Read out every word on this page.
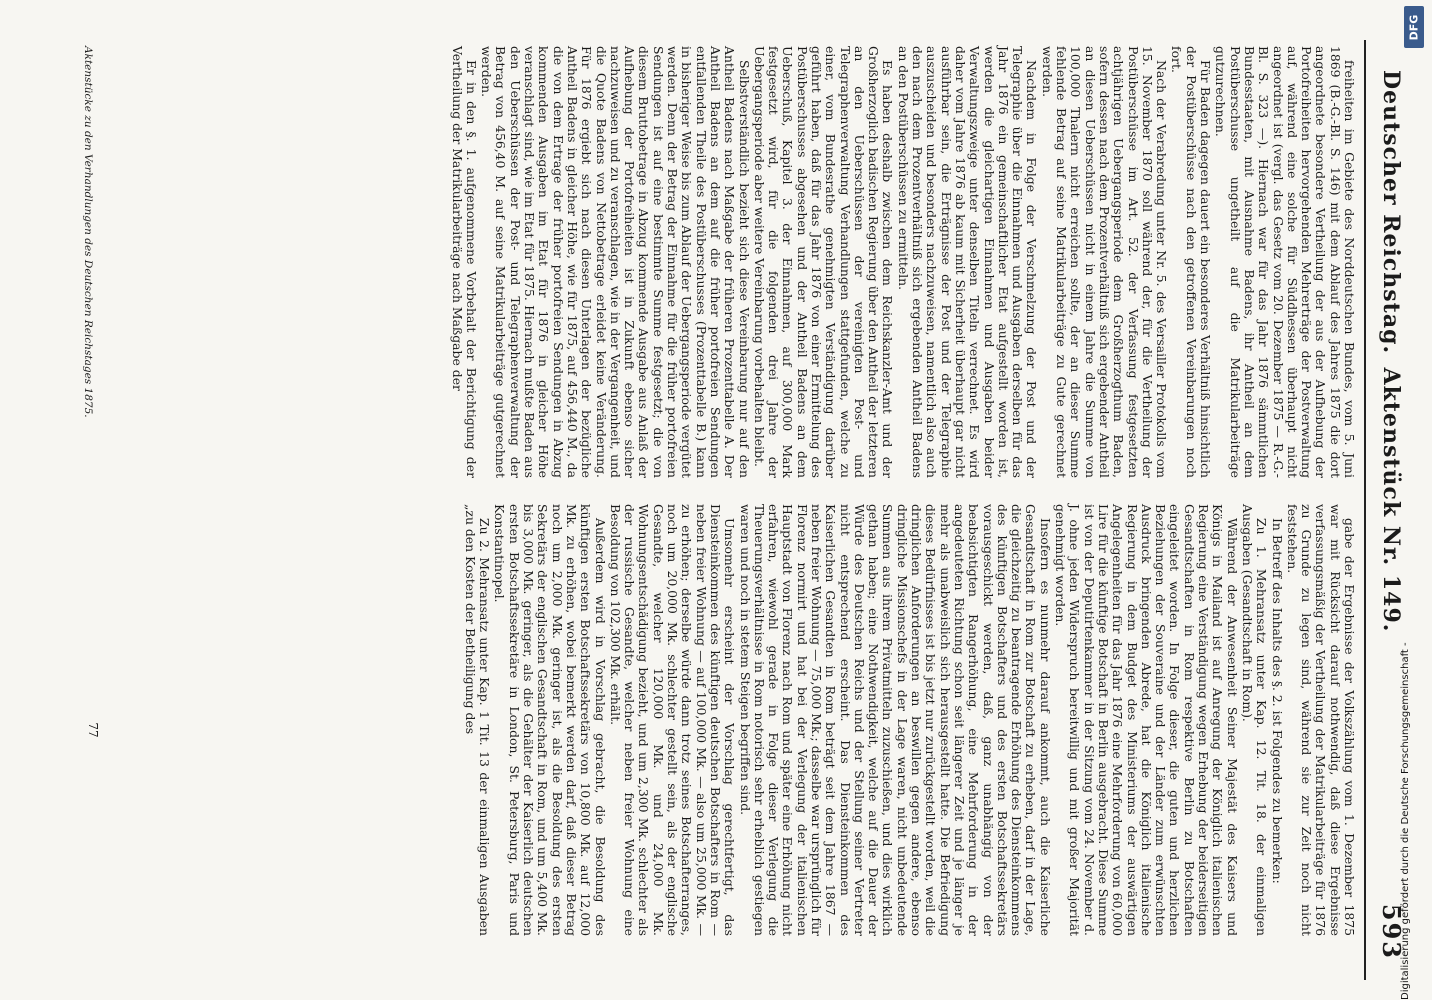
Deutscher Reichstag.
Aktenstück Nr. 149.
593

freiheiten im Gebiete des Norddeutschen Bundes, vom 5. Juni 1869 (B.-G.-Bl. S. 146) mit dem Ablauf des Jahres 1875 die dort angeordnete besondere Vertheilung der aus der Aufhebung der Portofreiheiten hervorgehenden Mehrerträge der Postverwaltung auf, während eine solche für Süddhessen überhaupt nicht angeordnet ist (vergl. das Gesetz vom 20. Dezember 1875 — R.-G.-Bl. S. 323 —). Hiernach war für das Jahr 1876 sämmtlichen Bundesstaaten, mit Ausnahme Badens, ihr Antheil an dem Postüberschusse ungetheilt auf die Matrikularbeiträge gutzurechnen.

Für Baden dagegen dauert ein besonderes Verhältniß hinsichtlich der Postüberschüsse nach den getroffenen Vereinbarungen noch fort.

Nach der Verabredung unter Nr. 5. des Versailler Protokolls vom 15. November 1870 soll während der, für die Vertheilung der Postüberschüsse im Art. 52. der Verfassung festgesetzten achtjährigen Uebergangsperiode dem Großherzogthum Baden, sofern dessen nach dem Prozentverhältniß sich ergebender Antheil an diesen Ueberschüssen nicht in einem Jahre die Summe von 100,000 Thalern nicht erreichen sollte, der an dieser Summe fehlende Betrag auf seine Matrikularbeiträge zu Gute gerechnet werden.

Nachdem in Folge der Verschmelzung der Post und der Telegraphie über die Einnahmen und Ausgaben derselben für das Jahr 1876 ein gemeinschaftlicher Etat aufgestellt worden ist, werden die gleichartigen Einnahmen und Ausgaben beider Verwaltungszweige unter denselben Titeln verrechnet. Es wird daher vom Jahre 1876 ab kaum mit Sicherheit überhaupt gar nicht ausführbar sein, die Erträgnisse der Post und der Telegraphie auszuscheiden und besonders nachzuweisen, namentlich also auch den nach dem Prozentverhältniß sich ergebenden Antheil Badens an den Postüberschüssen zu ermitteln.

Es haben deshalb zwischen dem Reichskanzler-Amt und der Großherzoglich badischen Regierung über den Antheil der letzteren an den Ueberschüssen der vereinigten Post- und Telegraphenverwaltung Verhandlungen stattgefunden, welche zu einer, vom Bundesrathe genehmigten Verständigung darüber geführt haben, daß für das Jahr 1876 von einer Ermittelung des Postüberschusses abgesehen und der Antheil Badens an dem Ueberschuß, Kapitel 3. der Einnahmen, auf 300,000 Mark festgesetzt wird, für die folgenden drei Jahre der Uebergangsperiode aber weitere Vereinbarung vorbehalten bleibt.

Selbstverständlich bezieht sich diese Vereinbarung nur auf den Antheil Badens nach Maßgabe der früheren Prozenttabelle A. Der Antheil Badens an dem auf die früher portofreien Sendungen entfallenden Theile des Postüberschusses (Prozenttabelle B.) kann in bisheriger Weise bis zum Ablauf der Uebergangsperiode vergütet werden. Denn der Betrag der Einnahme für die früher portofreien Sendungen ist auf eine bestimmte Summe festgesetzt; die von diesem Bruttobetrage in Abzug kommende Ausgabe aus Anlaß der Aufhebung der Portofreiheiten ist in Zukunft ebenso sicher nachzuweisen und zu veranschlagen, wie in der Vergangenheit, und die Quote Badens von Nettobetrage erleidet keine Veränderung. Für 1876 ergiebt sich nach diesen Unterlagen der bezügliche Antheil Badens in gleicher Höhe, wie für 1875, auf 456,440 M., da die von dem Ertrage der früher portofreien Sendungen in Abzug kommenden Ausgaben im Etat für 1876 in gleicher Höhe veranschlagt sind, wie im Etat für 1875. Hiernach mußte Baden aus den Ueberschüssen der Post- und Telegraphenverwaltung der Betrag von 456,40 M. auf seine Matrikularbeiträge gutgerechnet werden.

Er in den §. 1. aufgenommene Vorbehalt der Berichtigung der Vertheilung der Matrikularbeiträge nach Maßgabe der

gabe der Ergebnisse der Volkszählung vom 1. Dezember 1875 war mit Rücksicht darauf nothwendig, daß diese Ergebnisse verfassungsmäßig der Vertheilung der Matrikularbeiträge für 1876 zu Grunde zu legen sind, während sie zur Zeit noch nicht feststehen.

In Betreff des Inhalts des §. 2. ist Folgendes zu bemerken:

Zu 1. Mehransatz unter Kap. 12. Tit. 18. der einmaligen Ausgaben (Gesandtschaft in Rom).

Während der Anwesenheit Seiner Majestät des Kaisers und Königs in Mailand ist auf Anregung der Königlich italienischen Regierung eine Verständigung wegen Erhebung der beiderseitigen Gesandtschaften in Rom respektive Berlin zu Botschaften eingeleitet worden. In Folge dieser, die guten und herzlichen Beziehungen der Souveraine und der Länder zum erwünschten Ausdruck bringenden Abrede, hat die Königlich italienische Regierung in dem Budget des Ministeriums der auswärtigen Angelegenheiten für das Jahr 1876 eine Mehrforderung von 60,000 Lire für die künftige Botschaft in Berlin ausgebracht. Diese Summe ist von der Deputirtenkammer in der Sitzung vom 24. November d. J. ohne jeden Widerspruch bereitwillig und mit großer Majorität genehmigt worden.

Insofern es nunmehr darauf ankommt, auch die Kaiserliche Gesandtschaft in Rom zur Botschaft zu erheben, darf in der Lage, die gleichzeitig zu beantragende Erhöhung des Diensteinkommens des künftigen Botschafters und des ersten Botschaftssekretärs vorausgeschickt werden, daß, ganz unabhängig von der beabsichtigten Rangerhöhung, eine Mehrforderung in der angedeuteten Richtung schon seit längerer Zeit und je länger je mehr als unabweislich sich herausgestellt hatte. Die Befriedigung dieses Bedürfnisses ist bis jetzt nur zurückgestellt worden, weil die dringlichen Anforderungen an beswillen gegen andere, ebenso dringliche Missionschefs in der Lage waren, nicht unbedeutende Summen aus ihrem Privatmitteln zuzuschießen, und dies wirklich gethan haben; eine Nothwendigkeit, welche auf die Dauer der Würde des Deutschen Reichs und der Stellung seiner Vertreter nicht entsprechend erscheint. Das Diensteinkommen des Kaiserlichen Gesandten in Rom beträgt seit dem Jahre 1867 — neben freier Wohnung — 75,000 Mk.; dasselbe war ursprünglich für Florenz normirt und hat bei der Verlegung der italienischen Hauptstadt von Florenz nach Rom und später eine Erhöhung nicht erfahren, wiewohl gerade in Folge dieser Verlegung die Theuerungsverhältnisse in Rom notorisch sehr erheblich gestiegen waren und noch in stetem Steigen begriffen sind.

Umsomehr erscheint der Vorschlag gerechtfertigt, das Diensteinkommen des künftigen deutschen Botschafters in Rom — neben freier Wohnung — auf 100,000 Mk. — also um 25,000 Mk. — zu erhöhen; derselbe würde dann trotz seines Botschafterranges, noch um 20,000 Mk. schlechter gestellt sein, als der englische Gesandte, welcher 120,000 Mk. und 24,000 Mk. Wohnungsentschädigung bezieht, und um 2,300 Mk. schlechter als der russische Gesandte, welcher neben freier Wohnung eine Besoldung von 102,300 Mk. erhält.

Außerdem wird in Vorschlag gebracht, die Besoldung des künftigen ersten Botschaftssekretärs von 10,800 Mk. auf 12,000 Mk. zu erhöhen, wobei bemerkt werden darf, daß dieser Betrag noch um 2,000 Mk. geringer ist, als die Besoldung des ersten Sekretärs der englischen Gesandtschaft in Rom, und um 5,400 Mk. bis 3,000 Mk. geringer, als die Gehälter der Kaiserlich deutschen ersten Botschaftssekretäre in London, St. Petersburg, Paris und Konstantinopel.

Zu 2. Mehransatz unter Kap. 1 Tit. 13 der einmaligen Ausgaben „zu den Kosten der Betheiligung des

Aktenstücke zu den Verhandlungen des Deutschen Reichstages 1875.
77
DFG
Digitalisierung gefördert durch die Deutsche Forschungsgemeinschaft -
